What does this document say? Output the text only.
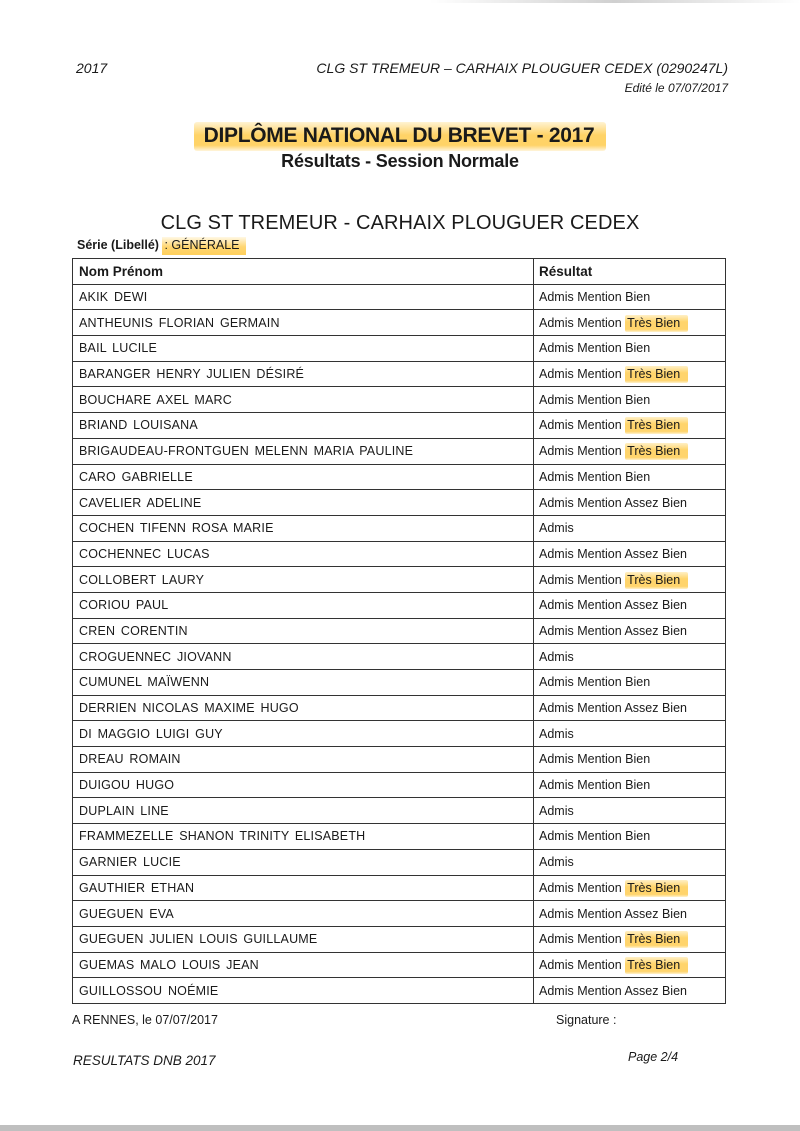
2017	CLG ST TREMEUR – CARHAIX PLOUGUER CEDEX (0290247L)
Edité le 07/07/2017
DIPLÔME NATIONAL DU BREVET - 2017
Résultats - Session Normale
CLG ST TREMEUR - CARHAIX PLOUGUER CEDEX
Série (Libellé) : GÉNÉRALE
Nom Prénom	Résultat
AKIK DEWI	Admis Mention Bien
ANTHEUNIS FLORIAN GERMAIN	Admis Mention Très Bien
BAIL LUCILE	Admis Mention Bien
BARANGER HENRY JULIEN DÉSIRÉ	Admis Mention Très Bien
BOUCHARE AXEL MARC	Admis Mention Bien
BRIAND LOUISANA	Admis Mention Très Bien
BRIGAUDEAU-FRONTGUEN MELENN MARIA PAULINE	Admis Mention Très Bien
CARO GABRIELLE	Admis Mention Bien
CAVELIER ADELINE	Admis Mention Assez Bien
COCHEN TIFENN ROSA MARIE	Admis
COCHENNEC LUCAS	Admis Mention Assez Bien
COLLOBERT LAURY	Admis Mention Très Bien
CORIOU PAUL	Admis Mention Assez Bien
CREN CORENTIN	Admis Mention Assez Bien
CROGUENNEC JIOVANN	Admis
CUMUNEL MAÏWENN	Admis Mention Bien
DERRIEN NICOLAS MAXIME HUGO	Admis Mention Assez Bien
DI MAGGIO LUIGI GUY	Admis
DREAU ROMAIN	Admis Mention Bien
DUIGOU HUGO	Admis Mention Bien
DUPLAIN LINE	Admis
FRAMMEZELLE SHANON TRINITY ELISABETH	Admis Mention Bien
GARNIER LUCIE	Admis
GAUTHIER ETHAN	Admis Mention Très Bien
GUEGUEN EVA	Admis Mention Assez Bien
GUEGUEN JULIEN LOUIS GUILLAUME	Admis Mention Très Bien
GUEMAS MALO LOUIS JEAN	Admis Mention Très Bien
GUILLOSSOU NOÉMIE	Admis Mention Assez Bien
A RENNES, le 07/07/2017	Signature :
RESULTATS DNB 2017	Page 2/4
